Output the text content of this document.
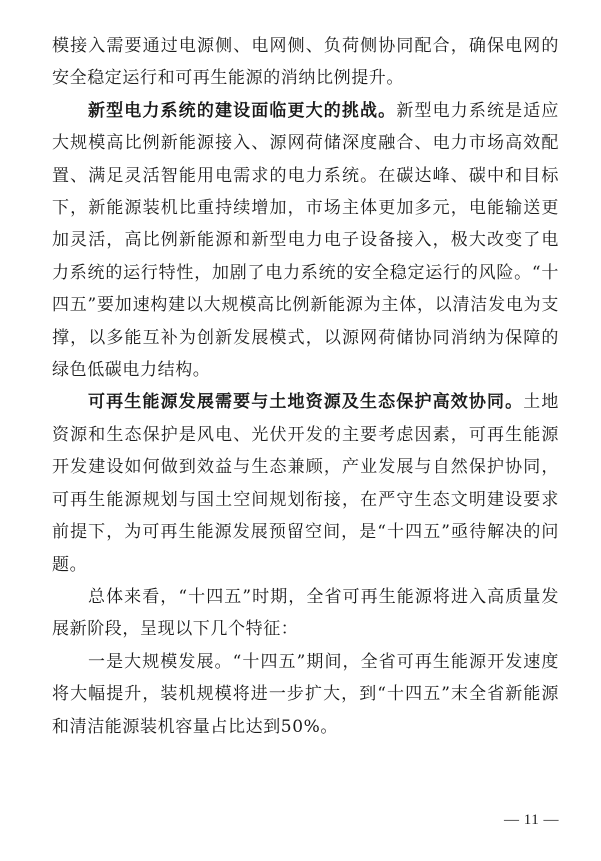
模接入需要通过电源侧、电网侧、负荷侧协同配合，确保电网的安全稳定运行和可再生能源的消纳比例提升。

新型电力系统的建设面临更大的挑战。新型电力系统是适应大规模高比例新能源接入、源网荷储深度融合、电力市场高效配置、满足灵活智能用电需求的电力系统。在碳达峰、碳中和目标下，新能源装机比重持续增加，市场主体更加多元，电能输送更加灵活，高比例新能源和新型电力电子设备接入，极大改变了电力系统的运行特性，加剧了电力系统的安全稳定运行的风险。“十四五”要加速构建以大规模高比例新能源为主体，以清洁发电为支撑，以多能互补为创新发展模式，以源网荷储协同消纳为保障的绿色低碳电力结构。

可再生能源发展需要与土地资源及生态保护高效协同。土地资源和生态保护是风电、光伏开发的主要考虑因素，可再生能源开发建设如何做到效益与生态兼顾，产业发展与自然保护协同，可再生能源规划与国土空间规划衔接，在严守生态文明建设要求前提下，为可再生能源发展预留空间，是“十四五”亟待解决的问题。

总体来看，“十四五”时期，全省可再生能源将进入高质量发展新阶段，呈现以下几个特征：

一是大规模发展。“十四五”期间，全省可再生能源开发速度将大幅提升，装机规模将进一步扩大，到“十四五”末全省新能源和清洁能源装机容量占比达到50%。

— 11 —
